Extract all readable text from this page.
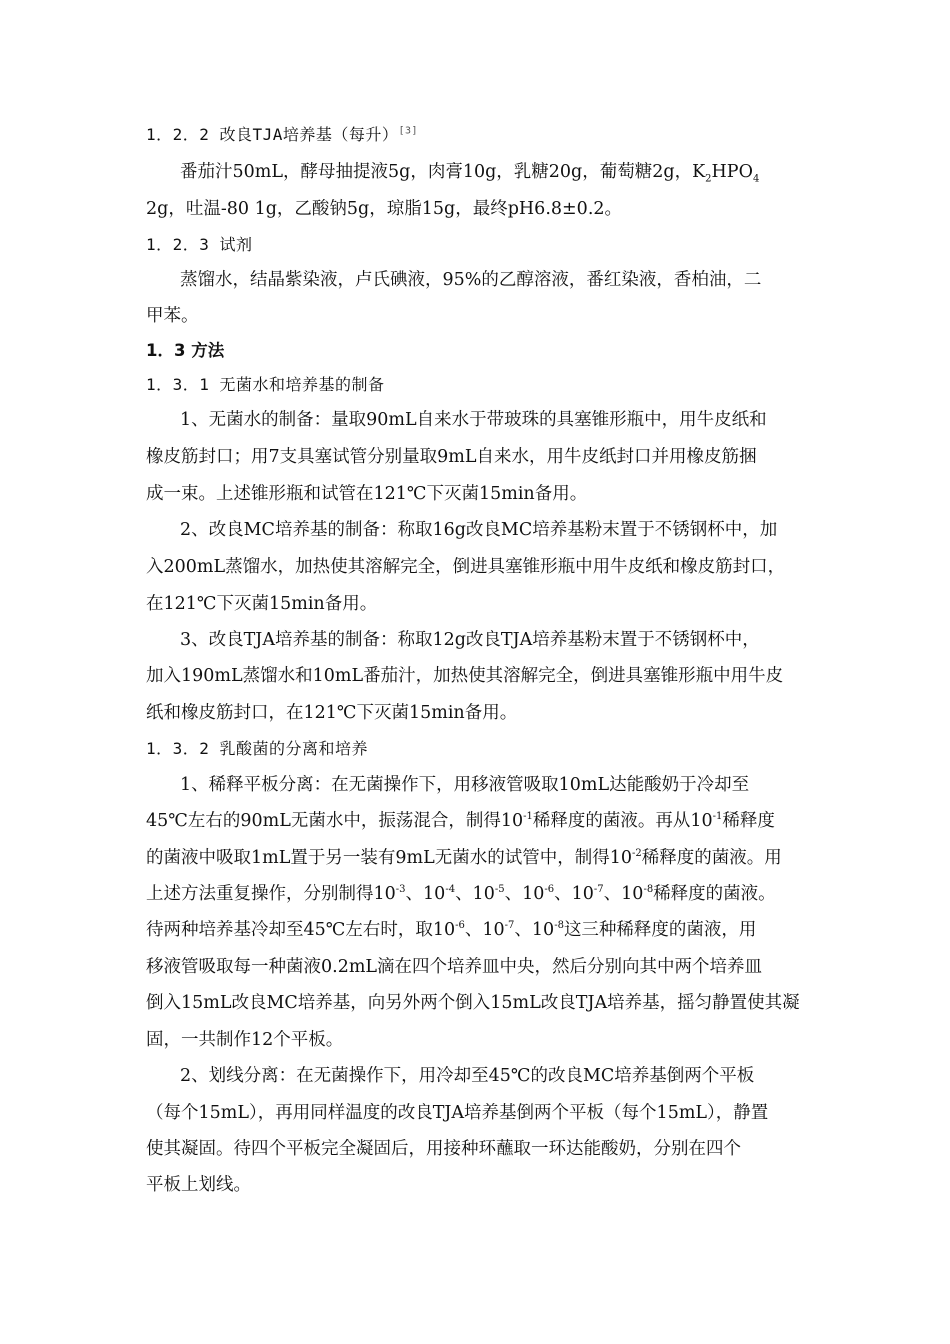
1．2．2 改良TJA培养基（每升）[3]
番茄汁50mL，酵母抽提液5g，肉膏10g，乳糖20g，葡萄糖2g，$K_2HPO_4$
2g，吐温-80 1g，乙酸钠5g，琼脂15g，最终pH6.8±0.2。
1．2．3 试剂
蒸馏水，结晶紫染液，卢氏碘液，95%的乙醇溶液，番红染液，香柏油，二
甲苯。
1．3 方法
1．3．1 无菌水和培养基的制备
1、无菌水的制备：量取90mL自来水于带玻珠的具塞锥形瓶中，用牛皮纸和
橡皮筋封口；用7支具塞试管分别量取9mL自来水，用牛皮纸封口并用橡皮筋捆
成一束。上述锥形瓶和试管在121℃下灭菌15min备用。
2、改良MC培养基的制备：称取16g改良MC培养基粉末置于不锈钢杯中，加
入200mL蒸馏水，加热使其溶解完全，倒进具塞锥形瓶中用牛皮纸和橡皮筋封口，
在121℃下灭菌15min备用。
3、改良TJA培养基的制备：称取12g改良TJA培养基粉末置于不锈钢杯中，
加入190mL蒸馏水和10mL番茄汁，加热使其溶解完全，倒进具塞锥形瓶中用牛皮
纸和橡皮筋封口，在121℃下灭菌15min备用。
1．3．2 乳酸菌的分离和培养
1、稀释平板分离：在无菌操作下，用移液管吸取10mL达能酸奶于冷却至
45℃左右的90mL无菌水中，振荡混合，制得$10^{-1}$稀释度的菌液。再从$10^{-1}$稀释度
的菌液中吸取1mL置于另一装有9mL无菌水的试管中，制得$10^{-2}$稀释度的菌液。用
上述方法重复操作，分别制得$10^{-3}$、$10^{-4}$、$10^{-5}$、$10^{-6}$、$10^{-7}$、$10^{-8}$稀释度的菌液。
待两种培养基冷却至45℃左右时，取$10^{-6}$、$10^{-7}$、$10^{-8}$这三种稀释度的菌液，用
移液管吸取每一种菌液0.2mL滴在四个培养皿中央，然后分别向其中两个培养皿
倒入15mL改良MC培养基，向另外两个倒入15mL改良TJA培养基，摇匀静置使其凝
固，一共制作12个平板。
2、划线分离：在无菌操作下，用冷却至45℃的改良MC培养基倒两个平板
（每个15mL），再用同样温度的改良TJA培养基倒两个平板（每个15mL），静置
使其凝固。待四个平板完全凝固后，用接种环蘸取一环达能酸奶，分别在四个
平板上划线。
